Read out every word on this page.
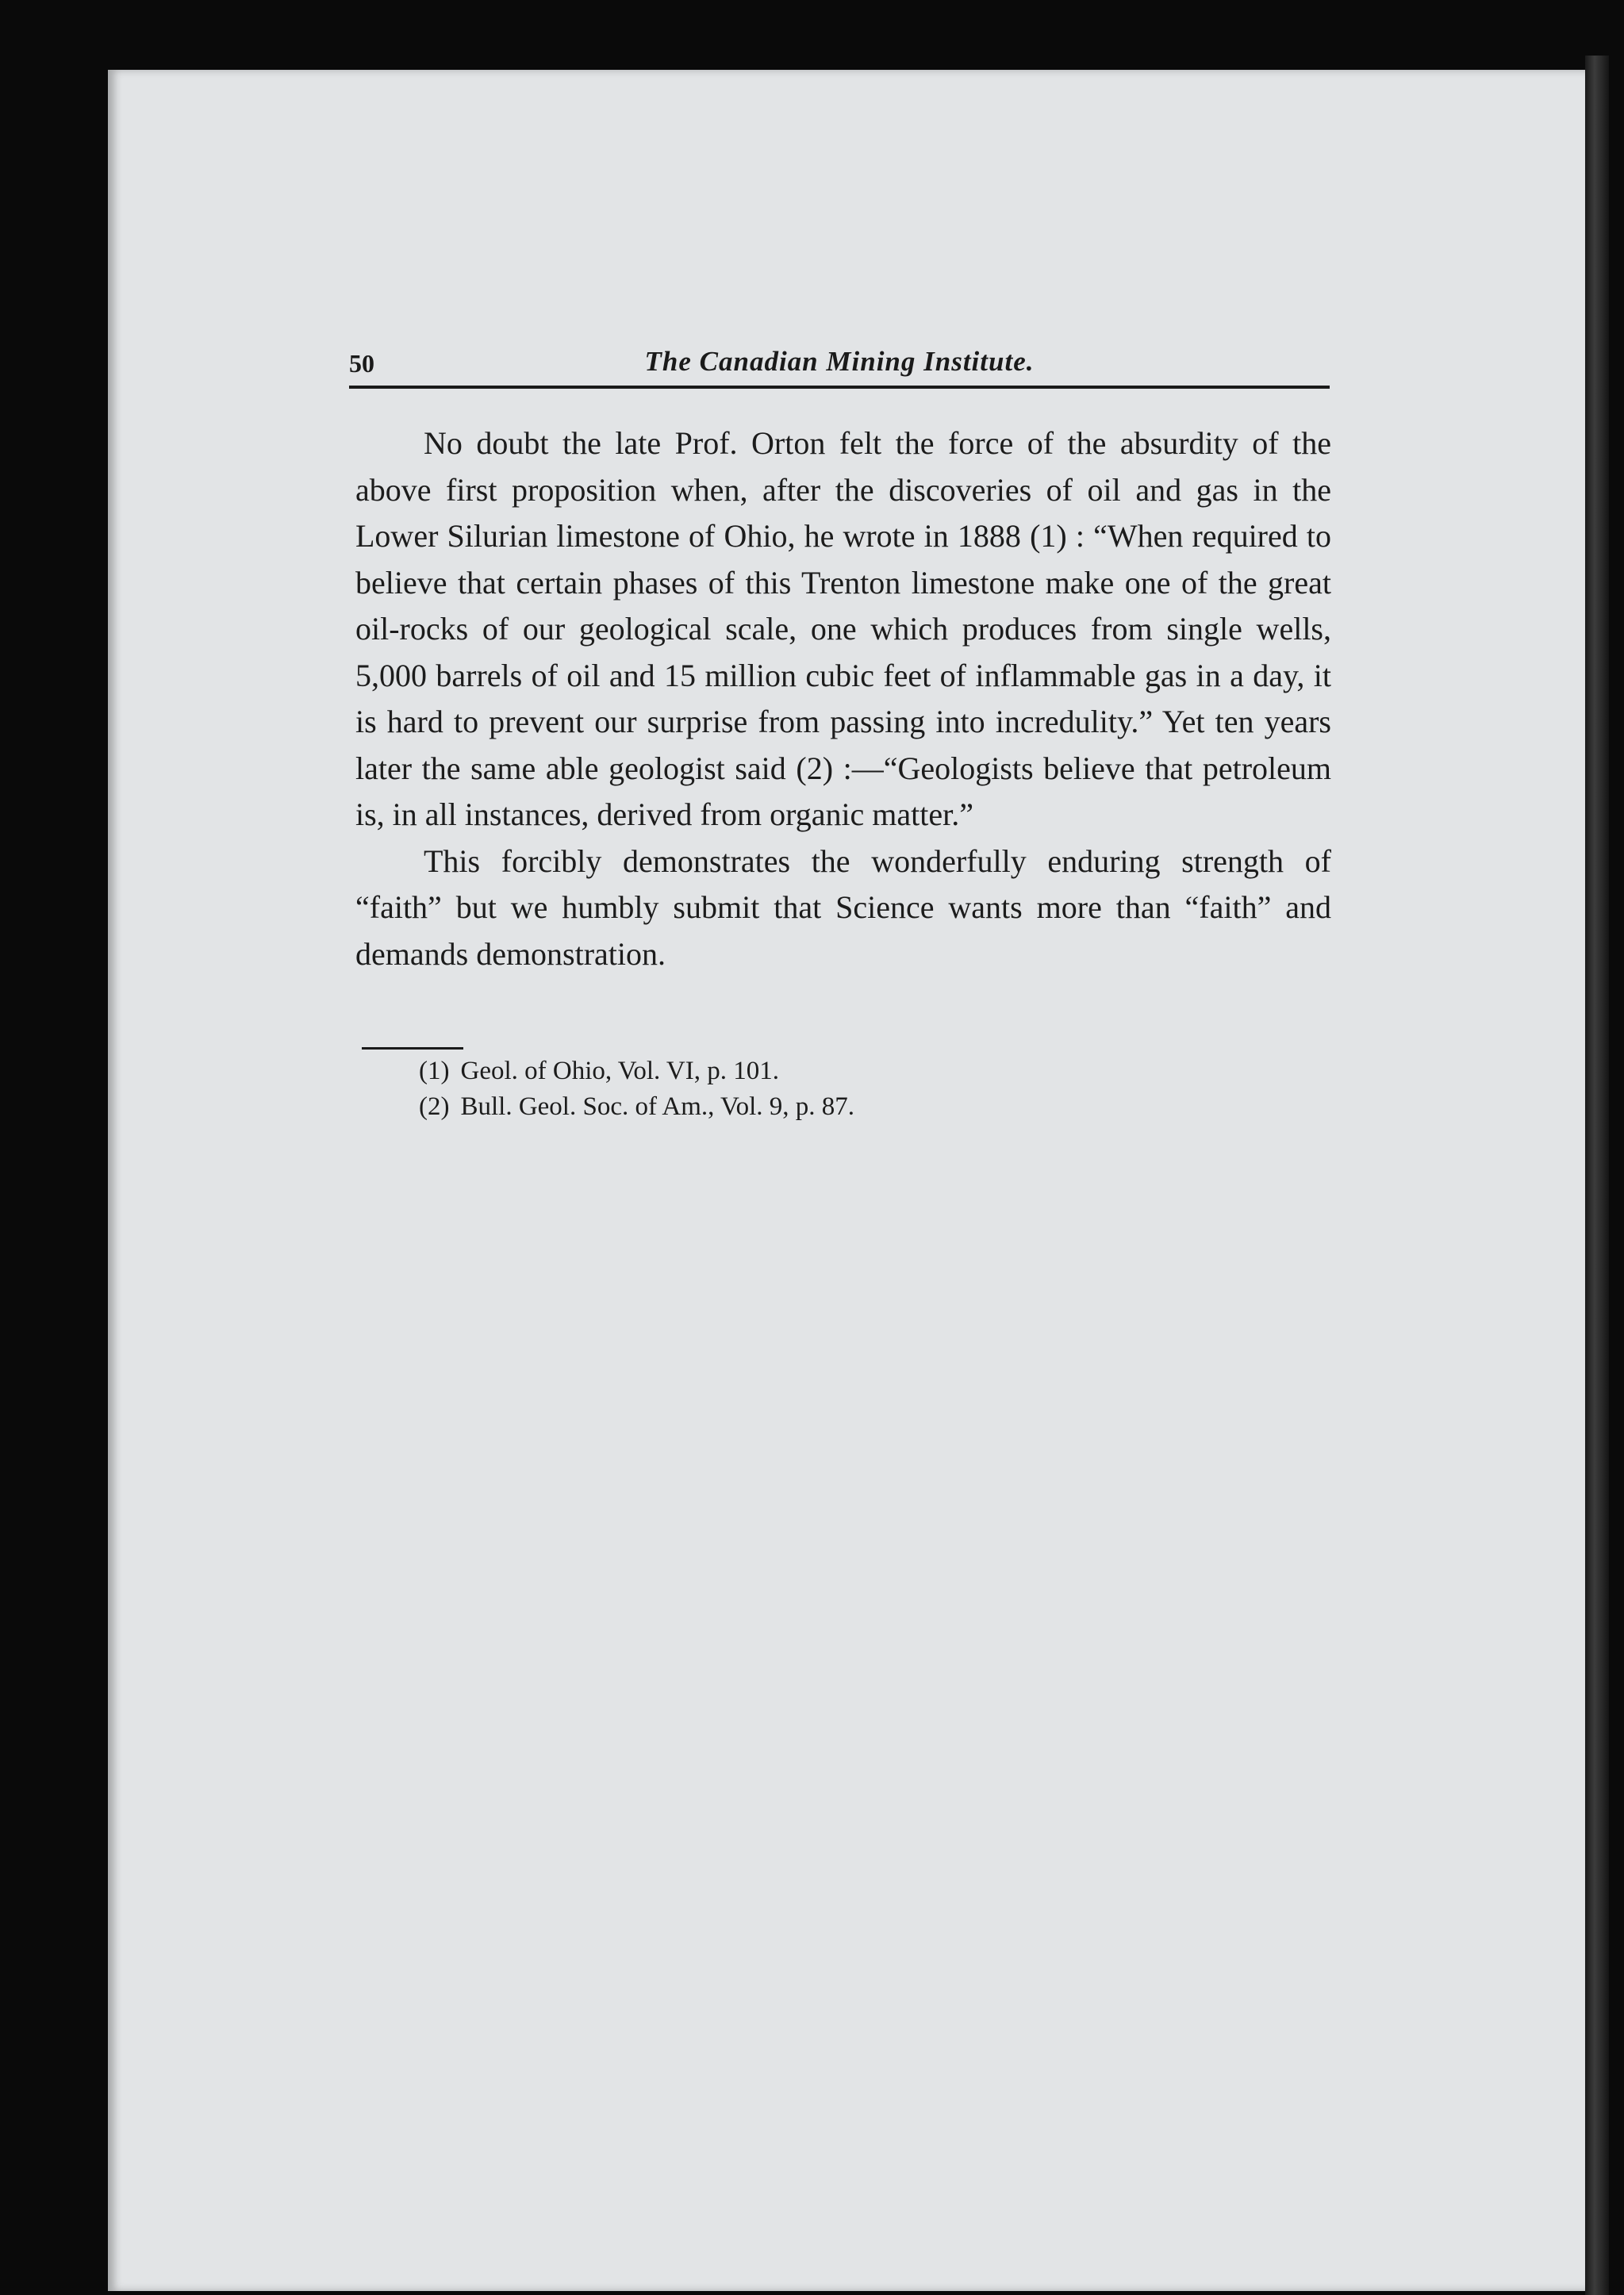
50	The Canadian Mining Institute.

No doubt the late Prof. Orton felt the force of the absurdity of the above first proposition when, after the discoveries of oil and gas in the Lower Silurian limestone of Ohio, he wrote in 1888 (1) : “When required to believe that certain phases of this Trenton limestone make one of the great oil-rocks of our geological scale, one which produces from single wells, 5,000 barrels of oil and 15 million cubic feet of inflammable gas in a day, it is hard to prevent our surprise from passing into incredulity.” Yet ten years later the same able geologist said (2) :—“Geologists believe that petroleum is, in all instances, derived from organic matter.”

This forcibly demonstrates the wonderfully enduring strength of “faith” but we humbly submit that Science wants more than “faith” and demands demonstration.

(1) Geol. of Ohio, Vol. VI, p. 101.
(2) Bull. Geol. Soc. of Am., Vol. 9, p. 87.
